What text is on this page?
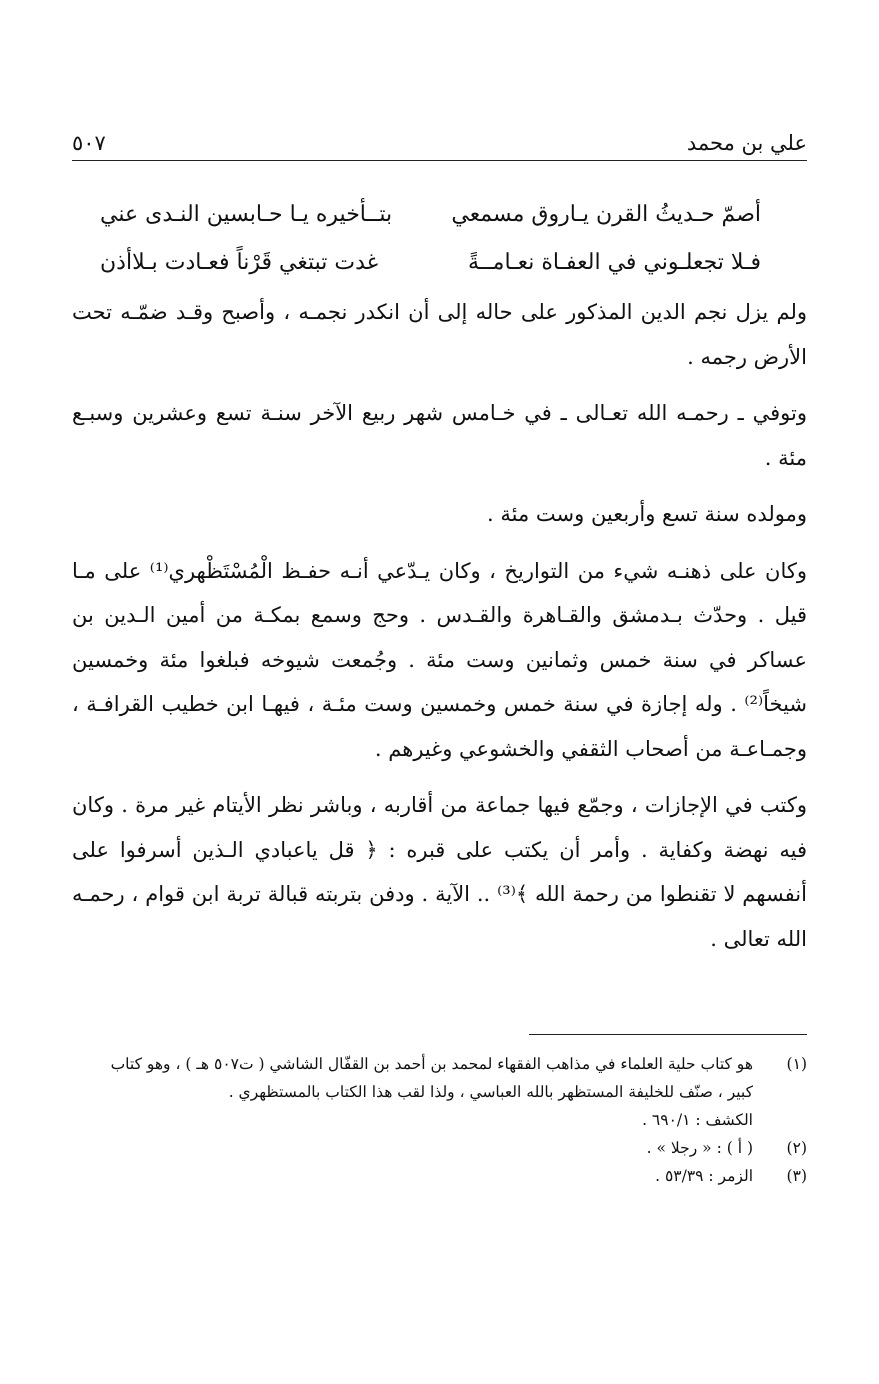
علي بن محمد
٥٠٧
أصمّ حـديثُ القرن يـاروق مسمعي
بتــأخيره يـا حـابسين النـدى عني
فـلا تجعلـوني في العفـاة نعـامــةً
غدت تبتغي قَرْناً فعـادت بـلاأذن

ولم يزل نجم الدين المذكور على حاله إلى أن انكدر نجمـه ، وأصبح وقـد ضمّـه تحت الأرض رجمه .

وتوفي ـ رحمـه الله تعـالى ـ في خـامس شهر ربيع الآخر سنـة تسع وعشرين وسبـع مئة .

ومولده سنة تسع وأربعين وست مئة .

وكان على ذهنـه شيء من التواريخ ، وكان يـدّعي أنـه حفـظ الْمُسْتَظْهري⁽¹⁾ على مـا قيل . وحدّث بـدمشق والقـاهرة والقـدس . وحج وسمع بمكـة من أمين الـدين بن عساكر في سنة خمس وثمانين وست مئة . وجُمعت شيوخه فبلغوا مئة وخمسين شيخاً⁽²⁾ . وله إجازة في سنة خمس وخمسين وست مئـة ، فيهـا ابن خطيب القرافـة ، وجمـاعـة من أصحاب الثقفي والخشوعي وغيرهم .

وكتب في الإجازات ، وجمّع فيها جماعة من أقاربه ، وباشر نظر الأيتام غير مرة . وكان فيه نهضة وكفاية . وأمر أن يكتب على قبره : ﴿ قل ياعبادي الـذين أسرفوا على أنفسهم لا تقنطوا من رحمة الله ﴾⁽³⁾ .. الآية . ودفن بتربته قبالة تربة ابن قوام ، رحمـه الله تعالى .

(١)
هو كتاب حلية العلماء في مذاهب الفقهاء لمحمد بن أحمد بن القفّال الشاشي ( ت٥٠٧ هـ ) ، وهو كتاب
كبير ، صنّف للخليفة المستظهر بالله العباسي ، ولذا لقب هذا الكتاب بالمستظهري .
الكشف : ٦٩٠/١ .
(٢)
( أ ) : « رجلا » .
(٣)
الزمر : ٥٣/٣٩ .
